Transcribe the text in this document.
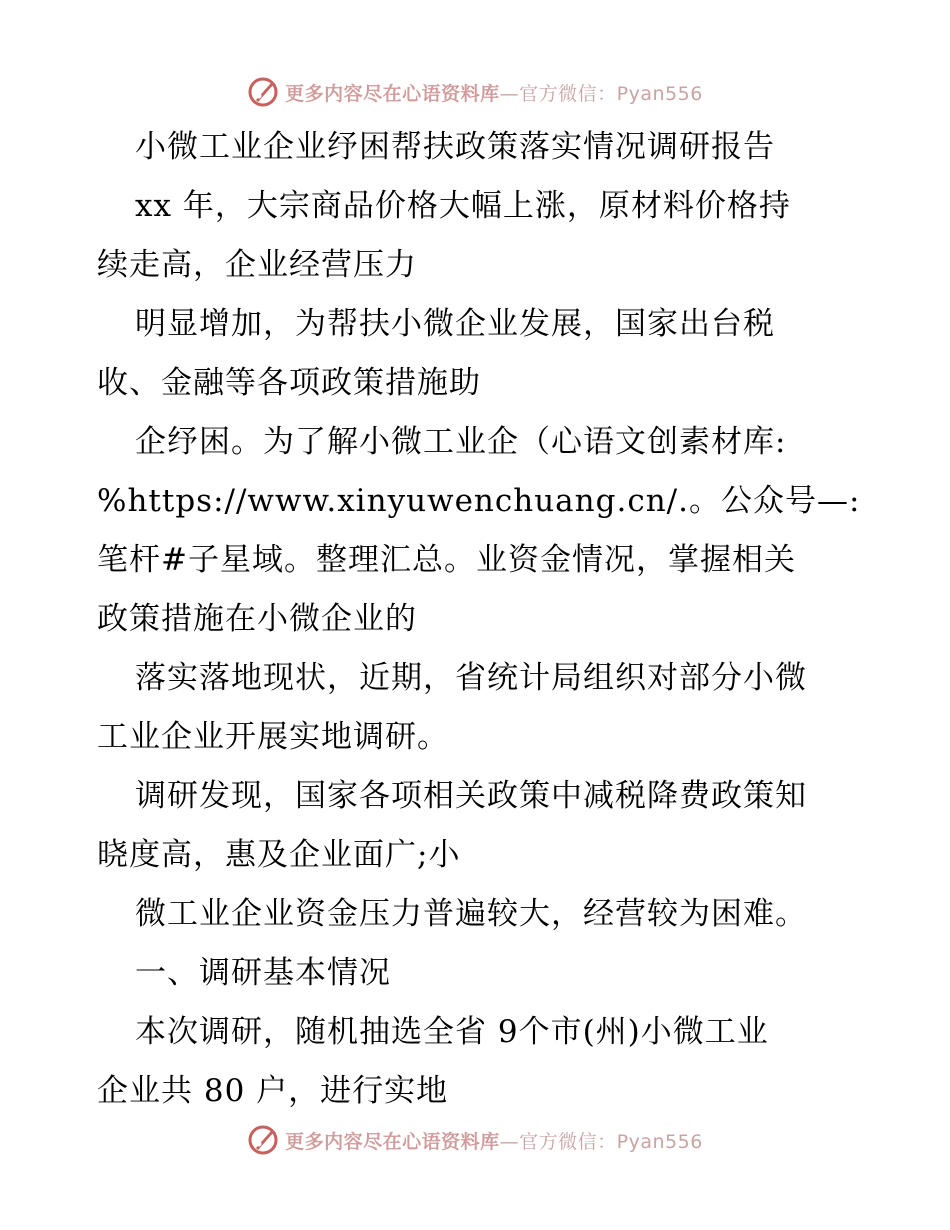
更多内容尽在心语资料库—官方微信：Pyan556
小微工业企业纾困帮扶政策落实情况调研报告
xx 年，大宗商品价格大幅上涨，原材料价格持
续走高，企业经营压力
明显增加，为帮扶小微企业发展，国家出台税
收、金融等各项政策措施助
企纾困。为了解小微工业企（心语文创素材库:
%https://www.xinyuwenchuang.cn/.。公众号—:
笔杆#子星域。整理汇总。业资金情况，掌握相关
政策措施在小微企业的
落实落地现状，近期，省统计局组织对部分小微
工业企业开展实地调研。
调研发现，国家各项相关政策中减税降费政策知
晓度高，惠及企业面广;小
微工业企业资金压力普遍较大，经营较为困难。
一、调研基本情况
本次调研，随机抽选全省 9个市(州)小微工业
企业共 80 户，进行实地
更多内容尽在心语资料库—官方微信：Pyan556
